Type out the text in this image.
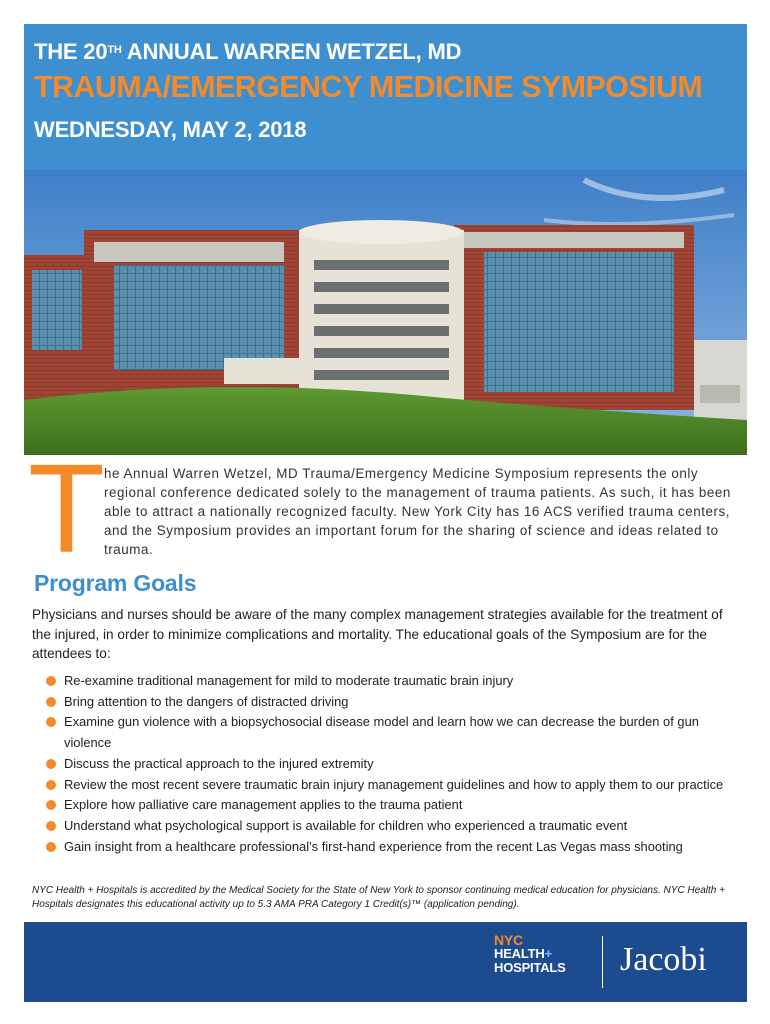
THE 20TH ANNUAL WARREN WETZEL, MD
TRAUMA/EMERGENCY MEDICINE SYMPOSIUM
WEDNESDAY, MAY 2, 2018
T he Annual Warren Wetzel, MD Trauma/Emergency Medicine Symposium represents the only regional conference dedicated solely to the management of trauma patients. As such, it has been able to attract a nationally recognized faculty. New York City has 16 ACS verified trauma centers, and the Symposium provides an important forum for the sharing of science and ideas related to trauma.

Program Goals

Physicians and nurses should be aware of the many complex management strategies available for the treatment of the injured, in order to minimize complications and mortality. The educational goals of the Symposium are for the attendees to:

Re-examine traditional management for mild to moderate traumatic brain injury
Bring attention to the dangers of distracted driving
Examine gun violence with a biopsychosocial disease model and learn how we can decrease the burden of gun violence
Discuss the practical approach to the injured extremity
Review the most recent severe traumatic brain injury management guidelines and how to apply them to our practice
Explore how palliative care management applies to the trauma patient
Understand what psychological support is available for children who experienced a traumatic event
Gain insight from a healthcare professional’s first-hand experience from the recent Las Vegas mass shooting

NYC Health + Hospitals is accredited by the Medical Society for the State of New York to sponsor continuing medical education for physicians. NYC Health + Hospitals designates this educational activity up to 5.3 AMA PRA Category 1 Credit(s)™ (application pending).

NYC
HEALTH+
HOSPITALS	Jacobi
